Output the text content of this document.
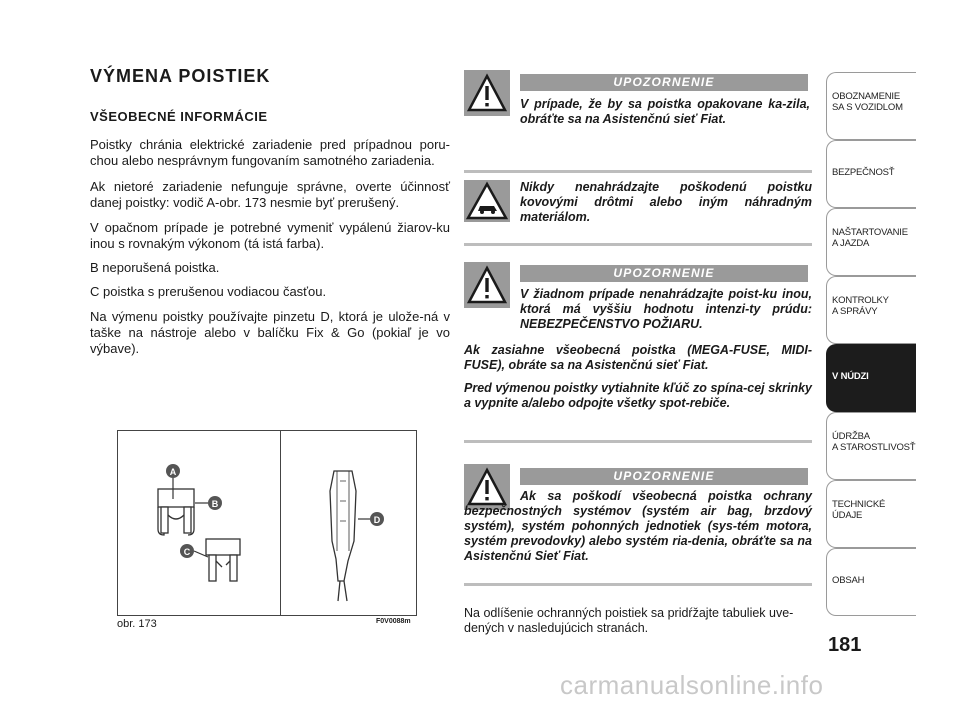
VÝMENA POISTIEK
VŠEOBECNÉ INFORMÁCIE
Poistky chránia elektrické zariadenie pred prípadnou poru-chou alebo nesprávnym fungovaním samotného zariadenia.
Ak nietoré zariadenie nefunguje správne, overte účinnosť danej poistky: vodič A-obr. 173 nesmie byť prerušený.
V opačnom prípade je potrebné vymeniť vypálenú žiarov-ku inou s rovnakým výkonom (tá istá farba).
B neporušená poistka.
C poistka s prerušenou vodiacou časťou.
Na výmenu poistky používajte pinzetu D, ktorá je ulože-ná v taške na nástroje alebo v balíčku Fix & Go (pokiaľ je vo výbave).
A
B
C
D
obr. 173	F0V0088m
UPOZORNENIE
V prípade, že by sa poistka opakovane ka-zila, obráťte sa na Asistenčnú sieť Fiat.
Nikdy nenahrádzajte poškodenú poistku kovovými drôtmi alebo iným náhradným materiálom.
UPOZORNENIE
V žiadnom prípade nenahrádzajte poist-ku inou, ktorá má vyššiu hodnotu intenzi-ty prúdu: NEBEZPEČENSTVO POŽIARU.
Ak zasiahne všeobecná poistka (MEGA-FUSE, MIDI-FUSE), obráte sa na Asistenčnú sieť Fiat.
Pred výmenou poistky vytiahnite kľúč zo spína-cej skrinky a vypnite a/alebo odpojte všetky spot-rebiče.
UPOZORNENIE
Ak sa poškodí všeobecná poistka ochrany bezpečnostných systémov (systém air bag, brzdový systém), systém pohonných jednotiek (sys-tém motora, systém prevodovky) alebo systém ria-denia, obráťte sa na Asistenčnú Sieť Fiat.
Na odlíšenie ochranných poistiek sa pridŕžajte tabuliek uve-dených v nasledujúcich stranách.
OBOZNAMENIE
SA S VOZIDLOM
BEZPEČNOSŤ
NAŠTARTOVANIE
A JAZDA
KONTROLKY
A SPRÁVY
V NÚDZI
ÚDRŽBA
A STAROSTLIVOSŤ
TECHNICKÉ
ÚDAJE
OBSAH
181
carmanualsonline.info
